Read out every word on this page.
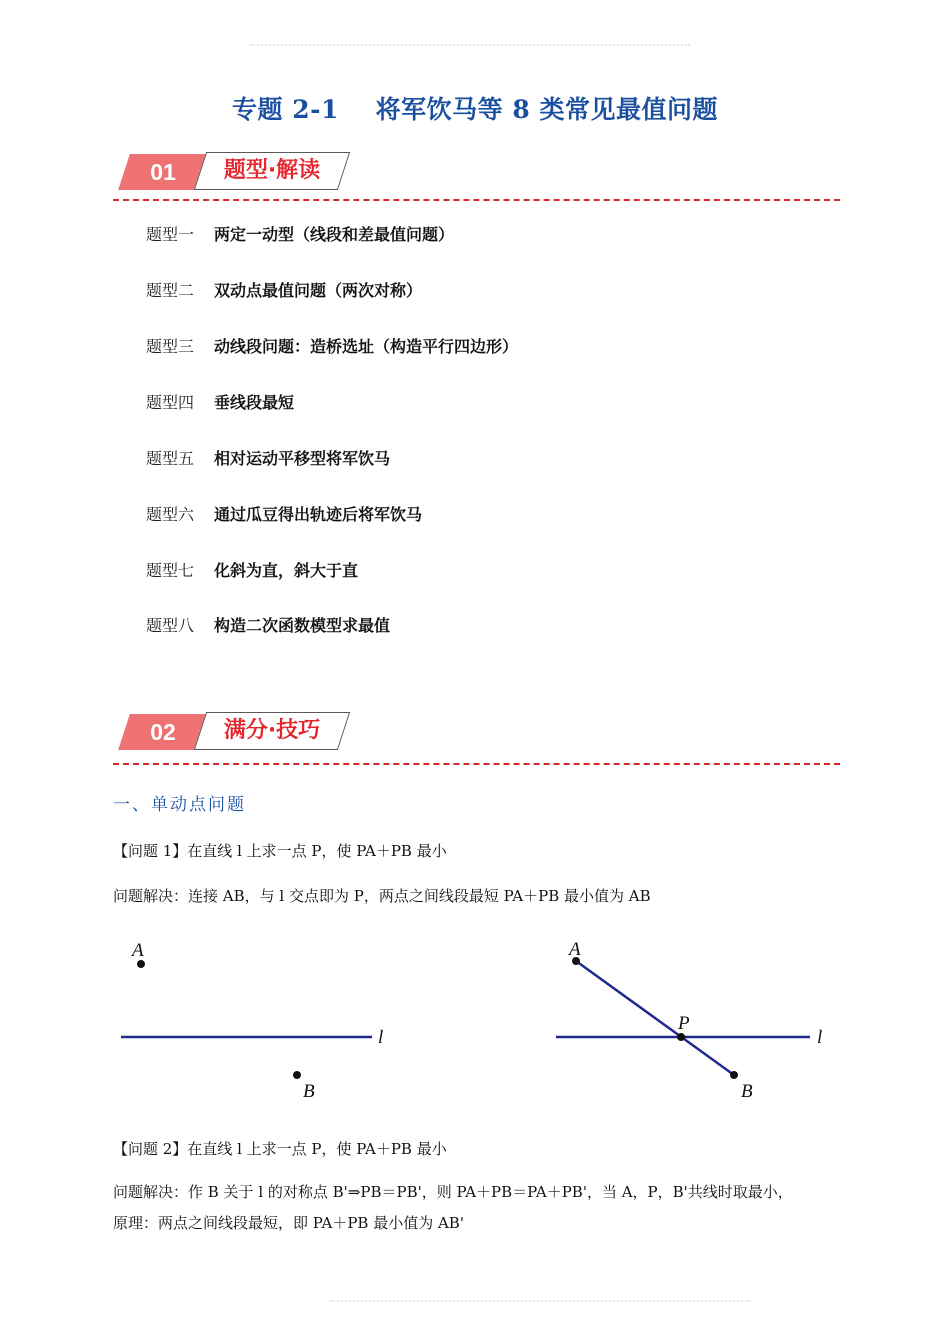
专题 2-1    将军饮马等 8 类常见最值问题
01	题型·解读
题型一 两定一动型（线段和差最值问题）
题型二 双动点最值问题（两次对称）
题型三 动线段问题：造桥选址（构造平行四边形）
题型四 垂线段最短
题型五 相对运动平移型将军饮马
题型六 通过瓜豆得出轨迹后将军饮马
题型七 化斜为直，斜大于直
题型八 构造二次函数模型求最值
02	满分·技巧
一、单动点问题
【问题 1】在直线 l 上求一点 P，使 PA＋PB 最小
问题解决：连接 AB，与 l 交点即为 P，两点之间线段最短 PA＋PB 最小值为 AB
A
B
l
A
P
B
l
【问题 2】在直线 l 上求一点 P，使 PA＋PB 最小
问题解决：作 B 关于 l 的对称点 B'⇒PB＝PB'，则 PA＋PB＝PA＋PB'，当 A，P，B'共线时取最小，
原理：两点之间线段最短，即 PA＋PB 最小值为 AB'
